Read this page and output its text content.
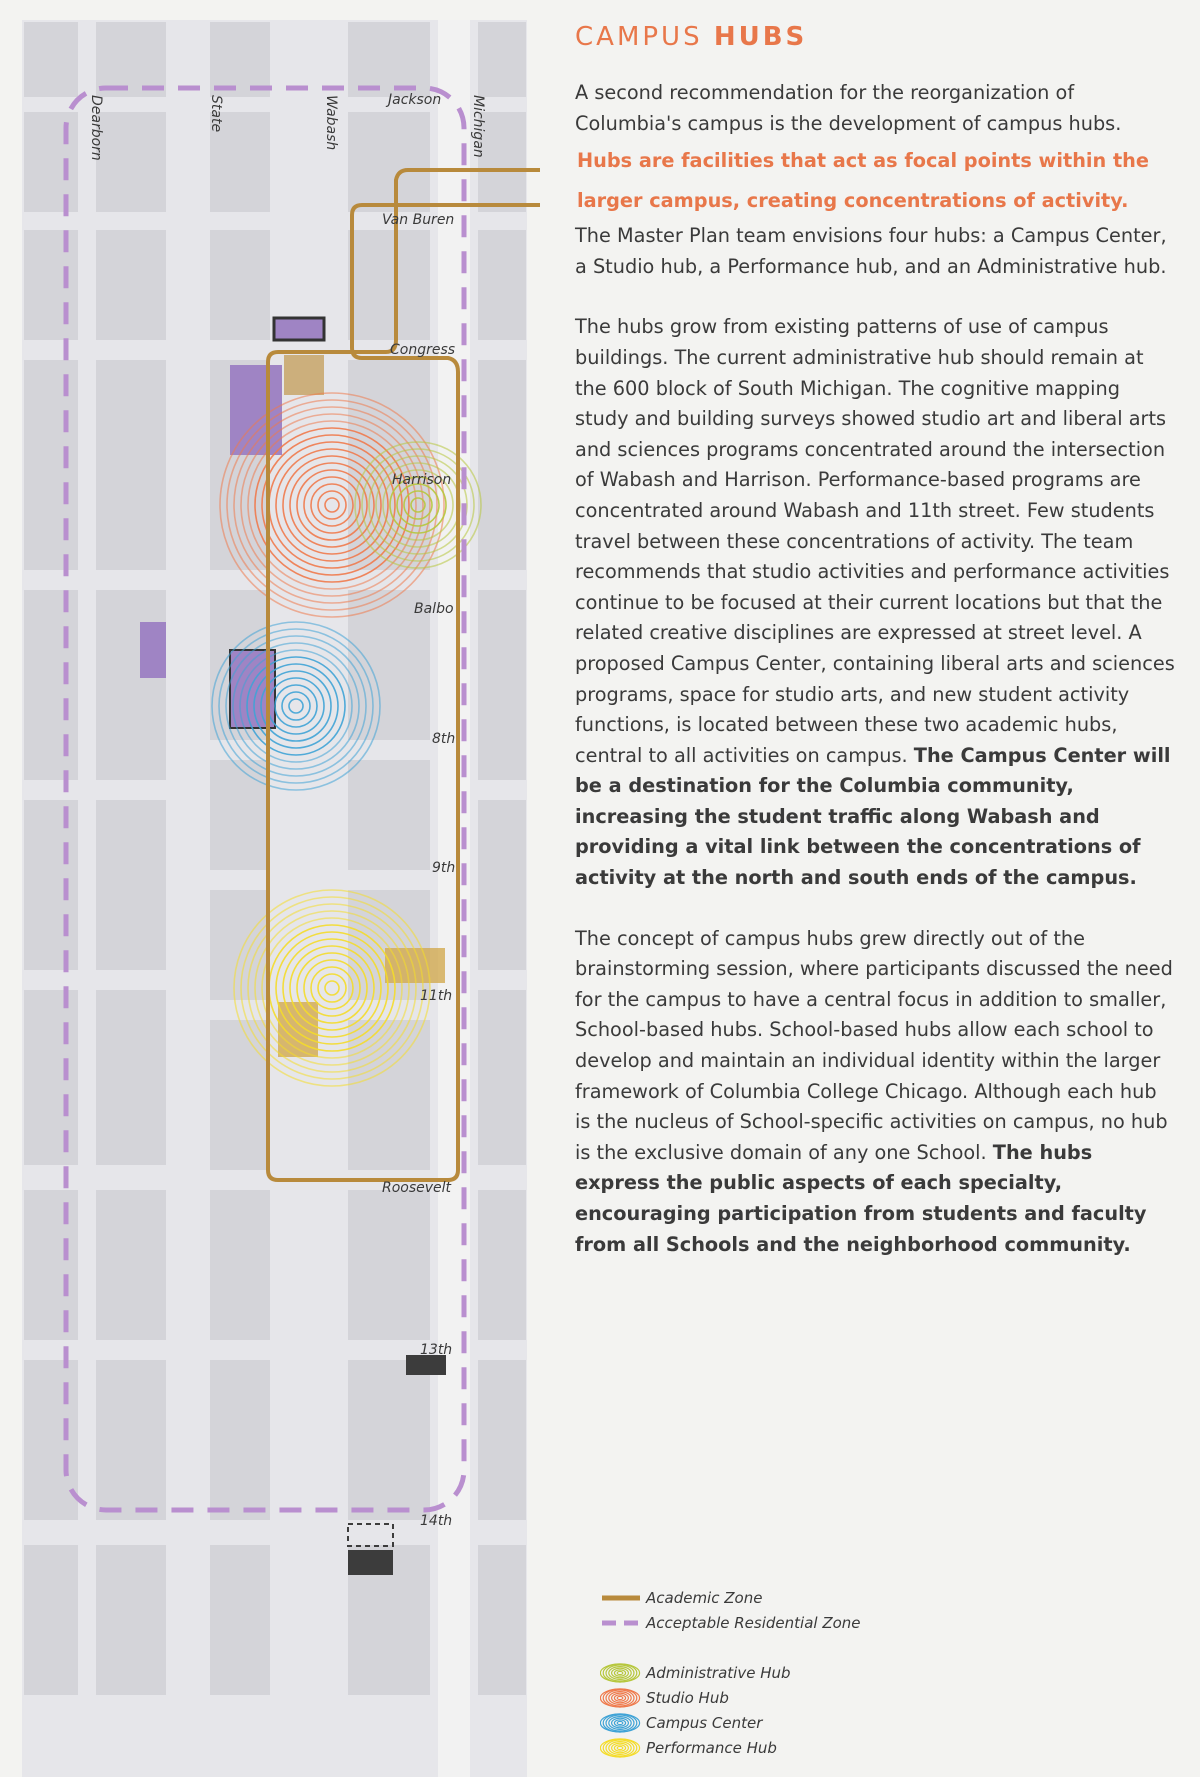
Jackson
Van Buren
Congress
Harrison
Balbo
8th
9th
11th
Roosevelt
13th
14th
Dearborn	State	Wabash	Michigan
CAMPUS HUBS

A second recommendation for the reorganization of Columbia's campus is the development of campus hubs.

Hubs are facilities that act as focal points within the
larger campus, creating concentrations of activity.

The Master Plan team envisions four hubs: a Campus Center, a Studio hub, a Performance hub, and an Administrative hub.

The hubs grow from existing patterns of use of campus buildings. The current administrative hub should remain at the 600 block of South Michigan. The cognitive mapping study and building surveys showed studio art and liberal arts and sciences programs concentrated around the intersection of Wabash and Harrison. Performance-based programs are concentrated around Wabash and 11th street. Few students travel between these concentrations of activity. The team recommends that studio activities and performance activities continue to be focused at their current locations but that the related creative disciplines are expressed at street level. A proposed Campus Center, containing liberal arts and sciences programs, space for studio arts, and new student activity functions, is located between these two academic hubs, central to all activities on campus. The Campus Center will be a destination for the Columbia community, increasing the student traffic along Wabash and providing a vital link between the concentrations of activity at the north and south ends of the campus.

The concept of campus hubs grew directly out of the brainstorming session, where participants discussed the need for the campus to have a central focus in addition to smaller, School-based hubs. School-based hubs allow each school to develop and maintain an individual identity within the larger framework of Columbia College Chicago. Although each hub is the nucleus of School-specific activities on campus, no hub is the exclusive domain of any one School. The hubs express the public aspects of each specialty, encouraging participation from students and faculty from all Schools and the neighborhood community.

Academic Zone
Acceptable Residential Zone
Administrative Hub
Studio Hub
Campus Center
Performance Hub
